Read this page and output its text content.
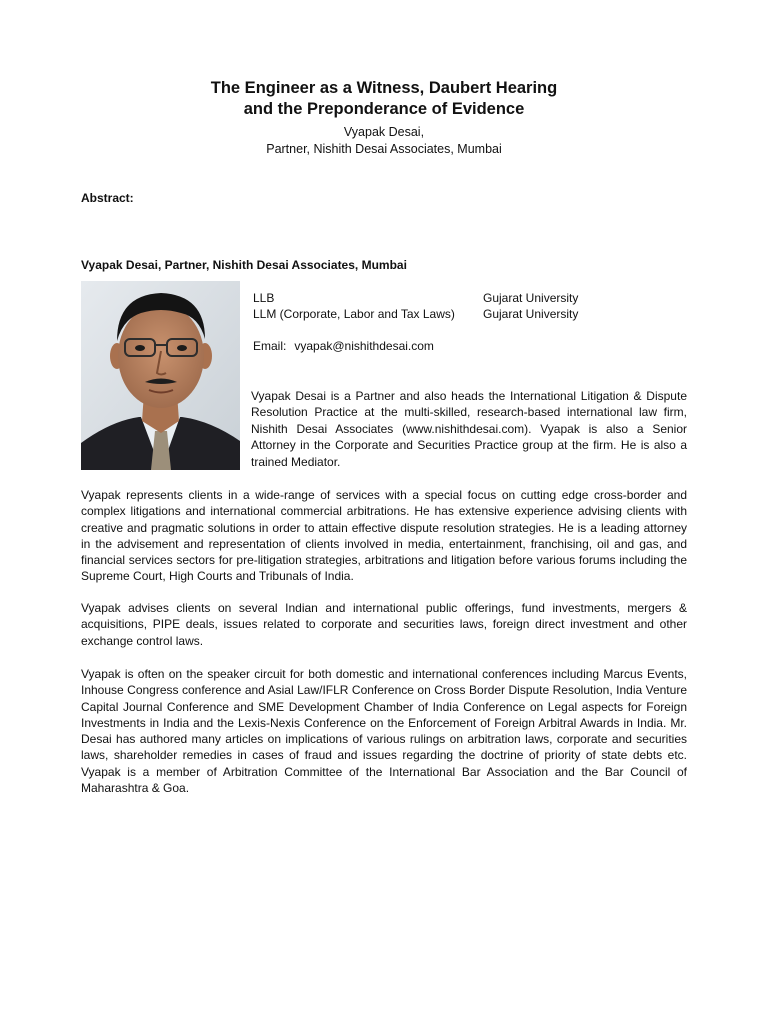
The Engineer as a Witness, Daubert Hearing
and the Preponderance of Evidence
Vyapak Desai,
Partner, Nishith Desai Associates, Mumbai
Abstract:
Vyapak Desai, Partner, Nishith Desai Associates, Mumbai
LLB	Gujarat University
LLM (Corporate, Labor and Tax Laws) Gujarat University
Email: vyapak@nishithdesai.com
Vyapak Desai is a Partner and also heads the International Litigation & Dispute Resolution Practice at the multi-skilled, research-based international law firm, Nishith Desai Associates (www.nishithdesai.com). Vyapak is also a Senior Attorney in the Corporate and Securities Practice group at the firm. He is also a trained Mediator.
Vyapak represents clients in a wide-range of services with a special focus on cutting edge cross-border and complex litigations and international commercial arbitrations. He has extensive experience advising clients with creative and pragmatic solutions in order to attain effective dispute resolution strategies. He is a leading attorney in the advisement and representation of clients involved in media, entertainment, franchising, oil and gas, and financial services sectors for pre-litigation strategies, arbitrations and litigation before various forums including the Supreme Court, High Courts and Tribunals of India.
Vyapak advises clients on several Indian and international public offerings, fund investments, mergers & acquisitions, PIPE deals, issues related to corporate and securities laws, foreign direct investment and other exchange control laws.
Vyapak is often on the speaker circuit for both domestic and international conferences including Marcus Events, Inhouse Congress conference and Asial Law/IFLR Conference on Cross Border Dispute Resolution, India Venture Capital Journal Conference and SME Development Chamber of India Conference on Legal aspects for Foreign Investments in India and the Lexis-Nexis Conference on the Enforcement of Foreign Arbitral Awards in India. Mr. Desai has authored many articles on implications of various rulings on arbitration laws, corporate and securities laws, shareholder remedies in cases of fraud and issues regarding the doctrine of priority of state debts etc. Vyapak is a member of Arbitration Committee of the International Bar Association and the Bar Council of Maharashtra & Goa.
